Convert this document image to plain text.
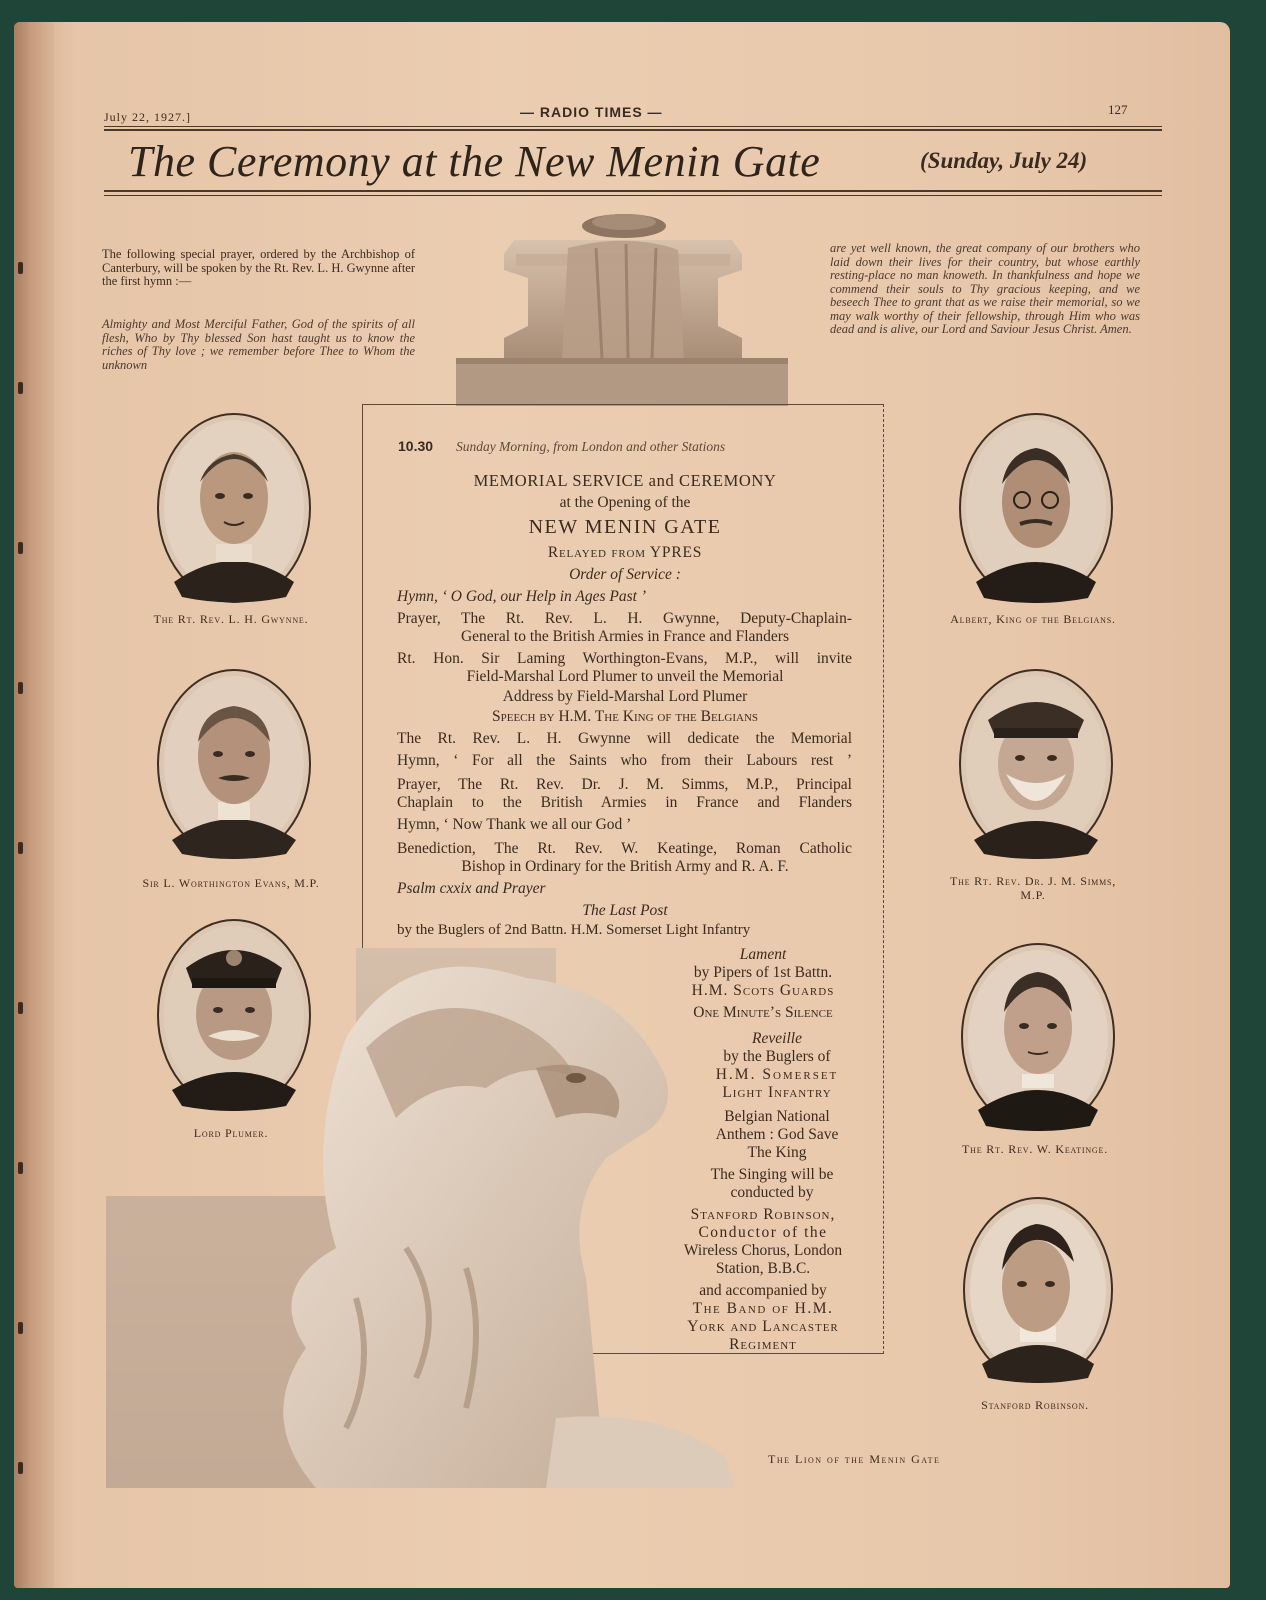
July 22, 1927.]	— RADIO TIMES —	127
The Ceremony at the New Menin Gate	(Sunday, July 24)
The following special prayer, ordered by the Archbishop of Canterbury, will be spoken by the Rt. Rev. L. H. Gwynne after the first hymn :—
Almighty and Most Merciful Father, God of the spirits of all flesh, Who by Thy blessed Son hast taught us to know the riches of Thy love ; we remember before Thee to Whom the unknown
are yet well known, the great company of our brothers who laid down their lives for their country, but whose earthly resting-place no man knoweth. In thankfulness and hope we commend their souls to Thy gracious keeping, and we beseech Thee to grant that as we raise their memorial, so we may walk worthy of their fellowship, through Him who was dead and is alive, our Lord and Saviour Jesus Christ. Amen.
10.30 Sunday Morning, from London and other Stations
MEMORIAL SERVICE and CEREMONY
at the Opening of the
NEW MENIN GATE
Relayed from YPRES
Order of Service :
Hymn, ‘ O God, our Help in Ages Past ’
Prayer, The Rt. Rev. L. H. Gwynne, Deputy-Chaplain-
General to the British Armies in France and Flanders
Rt. Hon. Sir Laming Worthington-Evans, M.P., will invite
Field-Marshal Lord Plumer to unveil the Memorial
Address by Field-Marshal Lord Plumer
Speech by H.M. The King of the Belgians
The Rt. Rev. L. H. Gwynne will dedicate the Memorial
Hymn, ‘ For all the Saints who from their Labours rest ’
Prayer, The Rt. Rev. Dr. J. M. Simms, M.P., Principal
Chaplain to the British Armies in France and Flanders
Hymn, ‘ Now Thank we all our God ’
Benediction, The Rt. Rev. W. Keatinge, Roman Catholic
Bishop in Ordinary for the British Army and R. A. F.
Psalm cxxix and Prayer
The Last Post
by the Buglers of 2nd Battn. H.M. Somerset Light Infantry
Lament
by Pipers of 1st Battn.
H.M. Scots Guards
One Minute’s Silence
Reveille
by the Buglers of
H.M. Somerset
Light Infantry
Belgian National
Anthem : God Save
The King
The Singing will be
conducted by
Stanford Robinson,
Conductor of the
Wireless Chorus, London
Station, B.B.C.
and accompanied by
The Band of H.M.
York and Lancaster
Regiment
The Rt. Rev. L. H. Gwynne.
Sir L. Worthington Evans, M.P.
Lord Plumer.
Albert, King of the Belgians.
The Rt. Rev. Dr. J. M. Simms,
M.P.
The Rt. Rev. W. Keatinge.
Stanford Robinson.
The Lion of the Menin Gate
